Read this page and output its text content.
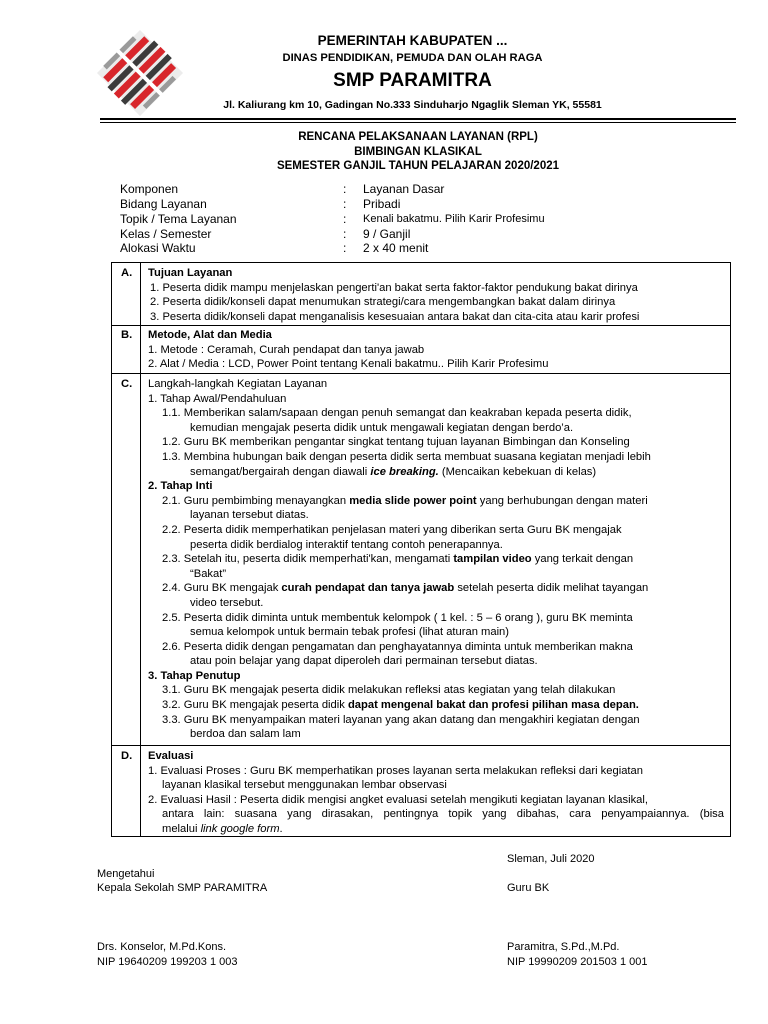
PEMERINTAH KABUPATEN ...
DINAS PENDIDIKAN, PEMUDA DAN OLAH RAGA
SMP PARAMITRA
Jl. Kaliurang km 10, Gadingan No.333 Sinduharjo Ngaglik Sleman YK, 55581
RENCANA PELAKSANAAN LAYANAN (RPL)
BIMBINGAN KLASIKAL
SEMESTER GANJIL TAHUN PELAJARAN 2020/2021
Komponen	: Layanan Dasar
Bidang Layanan	: Pribadi
Topik / Tema Layanan	: Kenali bakatmu. Pilih Karir Profesimu
Kelas / Semester	: 9 / Ganjil
Alokasi Waktu	: 2 x 40 menit
A. Tujuan Layanan
1. Peserta didik mampu menjelaskan pengerti'an bakat serta faktor-faktor pendukung bakat dirinya
2. Peserta didik/konseli dapat menumukan strategi/cara mengembangkan bakat dalam dirinya
3. Peserta didik/konseli dapat menganalisis kesesuaian antara bakat dan cita-cita atau karir profesi
B. Metode, Alat dan Media
1. Metode : Ceramah, Curah pendapat dan tanya jawab
2. Alat / Media : LCD, Power Point tentang Kenali bakatmu.. Pilih Karir Profesimu
C. Langkah-langkah Kegiatan Layanan
1. Tahap Awal/Pendahuluan
1.1. Memberikan salam/sapaan dengan penuh semangat dan keakraban kepada peserta didik,
kemudian mengajak peserta didik untuk mengawali kegiatan dengan berdo’a.
1.2. Guru BK memberikan pengantar singkat tentang tujuan layanan Bimbingan dan Konseling
1.3. Membina hubungan baik dengan peserta didik serta membuat suasana kegiatan menjadi lebih
semangat/bergairah dengan diawali ice breaking. (Mencaikan kebekuan di kelas)
2. Tahap Inti
2.1. Guru pembimbing menayangkan media slide power point yang berhubungan dengan materi
layanan tersebut diatas.
2.2. Peserta didik memperhatikan penjelasan materi yang diberikan serta Guru BK mengajak
peserta didik berdialog interaktif tentang contoh penerapannya.
2.3. Setelah itu, peserta didik memperhati'kan, mengamati tampilan video yang terkait dengan
“Bakat”
2.4. Guru BK mengajak curah pendapat dan tanya jawab setelah peserta didik melihat tayangan
video tersebut.
2.5. Peserta didik diminta untuk membentuk kelompok ( 1 kel. : 5 – 6 orang ), guru BK meminta
semua kelompok untuk bermain tebak profesi (lihat aturan main)
2.6. Peserta didik dengan pengamatan dan penghayatannya diminta untuk memberikan makna
atau poin belajar yang dapat diperoleh dari permainan tersebut diatas.
3. Tahap Penutup
3.1. Guru BK mengajak peserta didik melakukan refleksi atas kegiatan yang telah dilakukan
3.2. Guru BK mengajak peserta didik dapat mengenal bakat dan profesi pilihan masa depan.
3.3. Guru BK menyampaikan materi layanan yang akan datang dan mengakhiri kegiatan dengan
berdoa dan salam lam
D. Evaluasi
1. Evaluasi Proses : Guru BK memperhatikan proses layanan serta melakukan refleksi dari kegiatan
layanan klasikal tersebut menggunakan lembar observasi
2. Evaluasi Hasil : Peserta didik mengisi angket evaluasi setelah mengikuti kegiatan layanan klasikal,
antara lain: suasana yang dirasakan, pentingnya topik yang dibahas, cara penyampaiannya. (bisa
melalui link google form.
Sleman, Juli 2020
Mengetahui
Kepala Sekolah SMP PARAMITRA	Guru BK
Drs. Konselor, M.Pd.Kons.
NIP 19640209 199203 1 003
Paramitra, S.Pd.,M.Pd.
NIP 19990209 201503 1 001
